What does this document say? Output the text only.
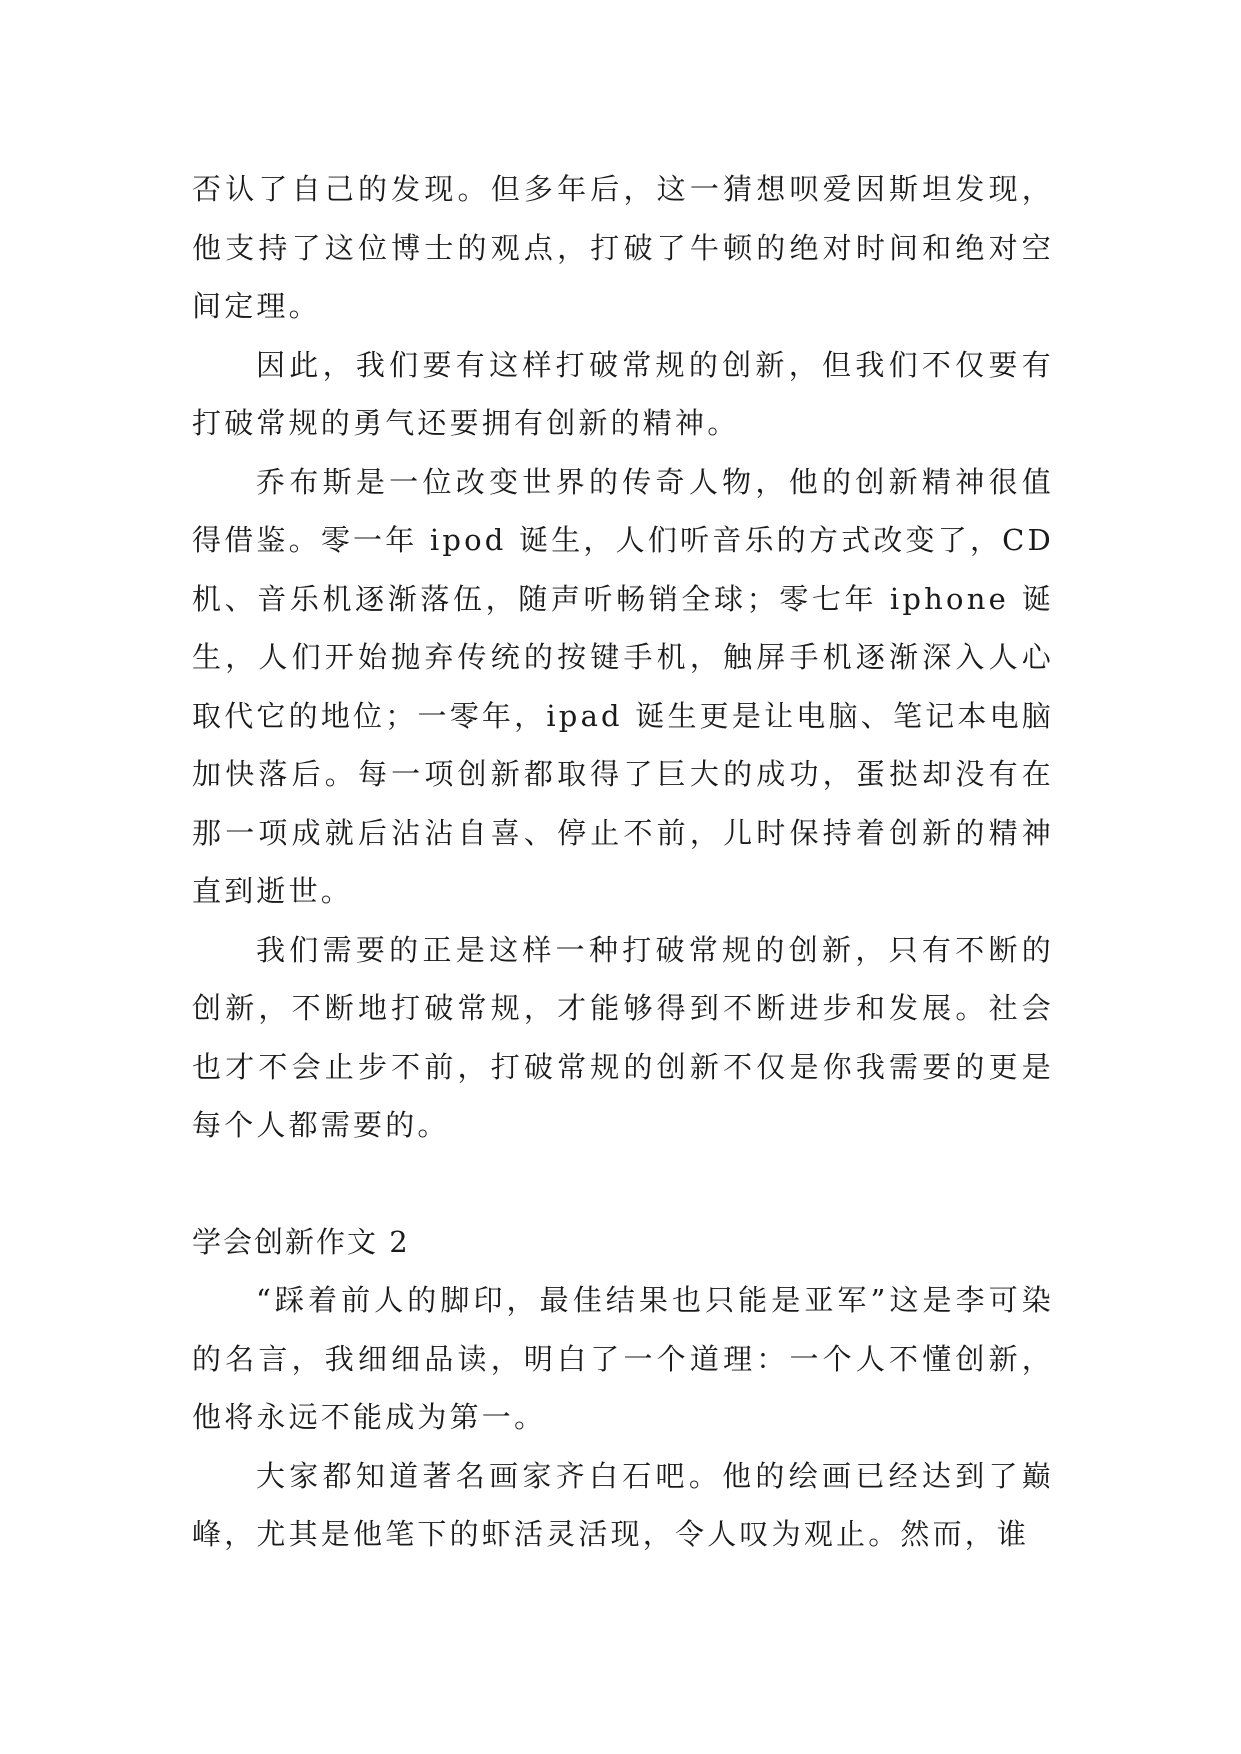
否认了自己的发现。但多年后，这一猜想呗爱因斯坦发现，他支持了这位博士的观点，打破了牛顿的绝对时间和绝对空间定理。

因此，我们要有这样打破常规的创新，但我们不仅要有打破常规的勇气还要拥有创新的精神。

乔布斯是一位改变世界的传奇人物，他的创新精神很值得借鉴。零一年 ipod 诞生，人们听音乐的方式改变了，CD 机、音乐机逐渐落伍，随声听畅销全球；零七年 iphone 诞生，人们开始抛弃传统的按键手机，触屏手机逐渐深入人心取代它的地位；一零年，ipad 诞生更是让电脑、笔记本电脑加快落后。每一项创新都取得了巨大的成功，蛋挞却没有在那一项成就后沾沾自喜、停止不前，儿时保持着创新的精神直到逝世。

我们需要的正是这样一种打破常规的创新，只有不断的创新，不断地打破常规，才能够得到不断进步和发展。社会也才不会止步不前，打破常规的创新不仅是你我需要的更是每个人都需要的。

学会创新作文 2

“踩着前人的脚印，最佳结果也只能是亚军”这是李可染的名言，我细细品读，明白了一个道理：一个人不懂创新，他将永远不能成为第一。

大家都知道著名画家齐白石吧。他的绘画已经达到了巅峰，尤其是他笔下的虾活灵活现，令人叹为观止。然而，谁
